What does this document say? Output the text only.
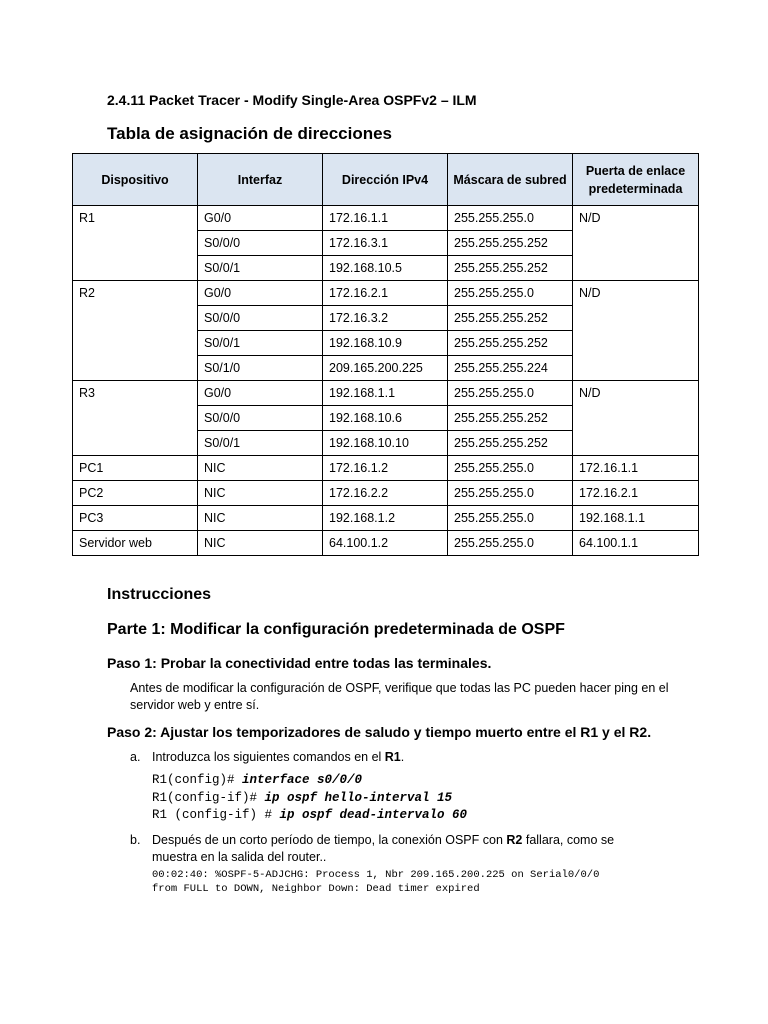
2.4.11 Packet Tracer - Modify Single-Area OSPFv2 – ILM
Tabla de asignación de direcciones
Dispositivo	Interfaz	Dirección IPv4	Máscara de subred	Puerta de enlace predeterminada
R1	G0/0	172.16.1.1	255.255.255.0	N/D
	S0/0/0	172.16.3.1	255.255.255.252	
	S0/0/1	192.168.10.5	255.255.255.252	
R2	G0/0	172.16.2.1	255.255.255.0	N/D
	S0/0/0	172.16.3.2	255.255.255.252	
	S0/0/1	192.168.10.9	255.255.255.252	
	S0/1/0	209.165.200.225	255.255.255.224	
R3	G0/0	192.168.1.1	255.255.255.0	N/D
	S0/0/0	192.168.10.6	255.255.255.252	
	S0/0/1	192.168.10.10	255.255.255.252	
PC1	NIC	172.16.1.2	255.255.255.0	172.16.1.1
PC2	NIC	172.16.2.2	255.255.255.0	172.16.2.1
PC3	NIC	192.168.1.2	255.255.255.0	192.168.1.1
Servidor web	NIC	64.100.1.2	255.255.255.0	64.100.1.1
Instrucciones
Parte 1: Modificar la configuración predeterminada de OSPF
Paso 1: Probar la conectividad entre todas las terminales.

Antes de modificar la configuración de OSPF, verifique que todas las PC pueden hacer ping en el servidor web y entre sí.

Paso 2: Ajustar los temporizadores de saludo y tiempo muerto entre el R1 y el R2.
a. Introduzca los siguientes comandos en el R1.
R1(config)# interface s0/0/0
R1(config-if)# ip ospf hello-interval 15
R1 (config-if) # ip ospf dead-intervalo 60
b. Después de un corto período de tiempo, la conexión OSPF con R2 fallara, como se muestra en la salida del router..
00:02:40: %OSPF-5-ADJCHG: Process 1, Nbr 209.165.200.225 on Serial0/0/0
from FULL to DOWN, Neighbor Down: Dead timer expired
